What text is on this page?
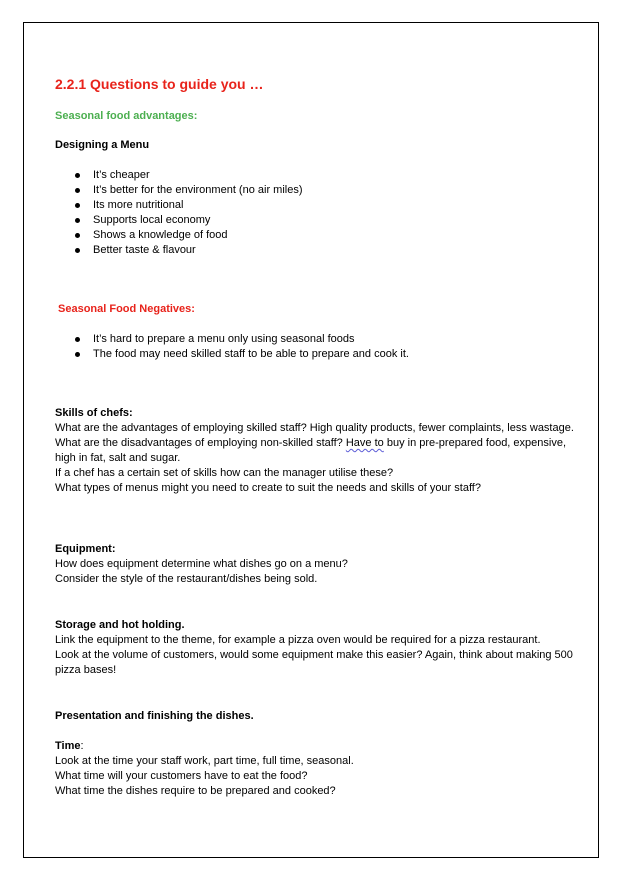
2.2.1 Questions to guide you …
Seasonal food advantages:
Designing a Menu
It’s cheaper
It’s better for the environment (no air miles)
Its more nutritional
Supports local economy
Shows a knowledge of food
Better taste & flavour
Seasonal Food Negatives:
It’s hard to prepare a menu only using seasonal foods
The food may need skilled staff to be able to prepare and cook it.
Skills of chefs:
What are the advantages of employing skilled staff? High quality products, fewer complaints, less wastage.
What are the disadvantages of employing non-skilled staff? Have to buy in pre-prepared food, expensive,
high in fat, salt and sugar.
If a chef has a certain set of skills how can the manager utilise these?
What types of menus might you need to create to suit the needs and skills of your staff?
Equipment:
How does equipment determine what dishes go on a menu?
Consider the style of the restaurant/dishes being sold.
Storage and hot holding.
Link the equipment to the theme, for example a pizza oven would be required for a pizza restaurant.
Look at the volume of customers, would some equipment make this easier? Again, think about making 500
pizza bases!
Presentation and finishing the dishes.
Time:
Look at the time your staff work, part time, full time, seasonal.
What time will your customers have to eat the food?
What time the dishes require to be prepared and cooked?
